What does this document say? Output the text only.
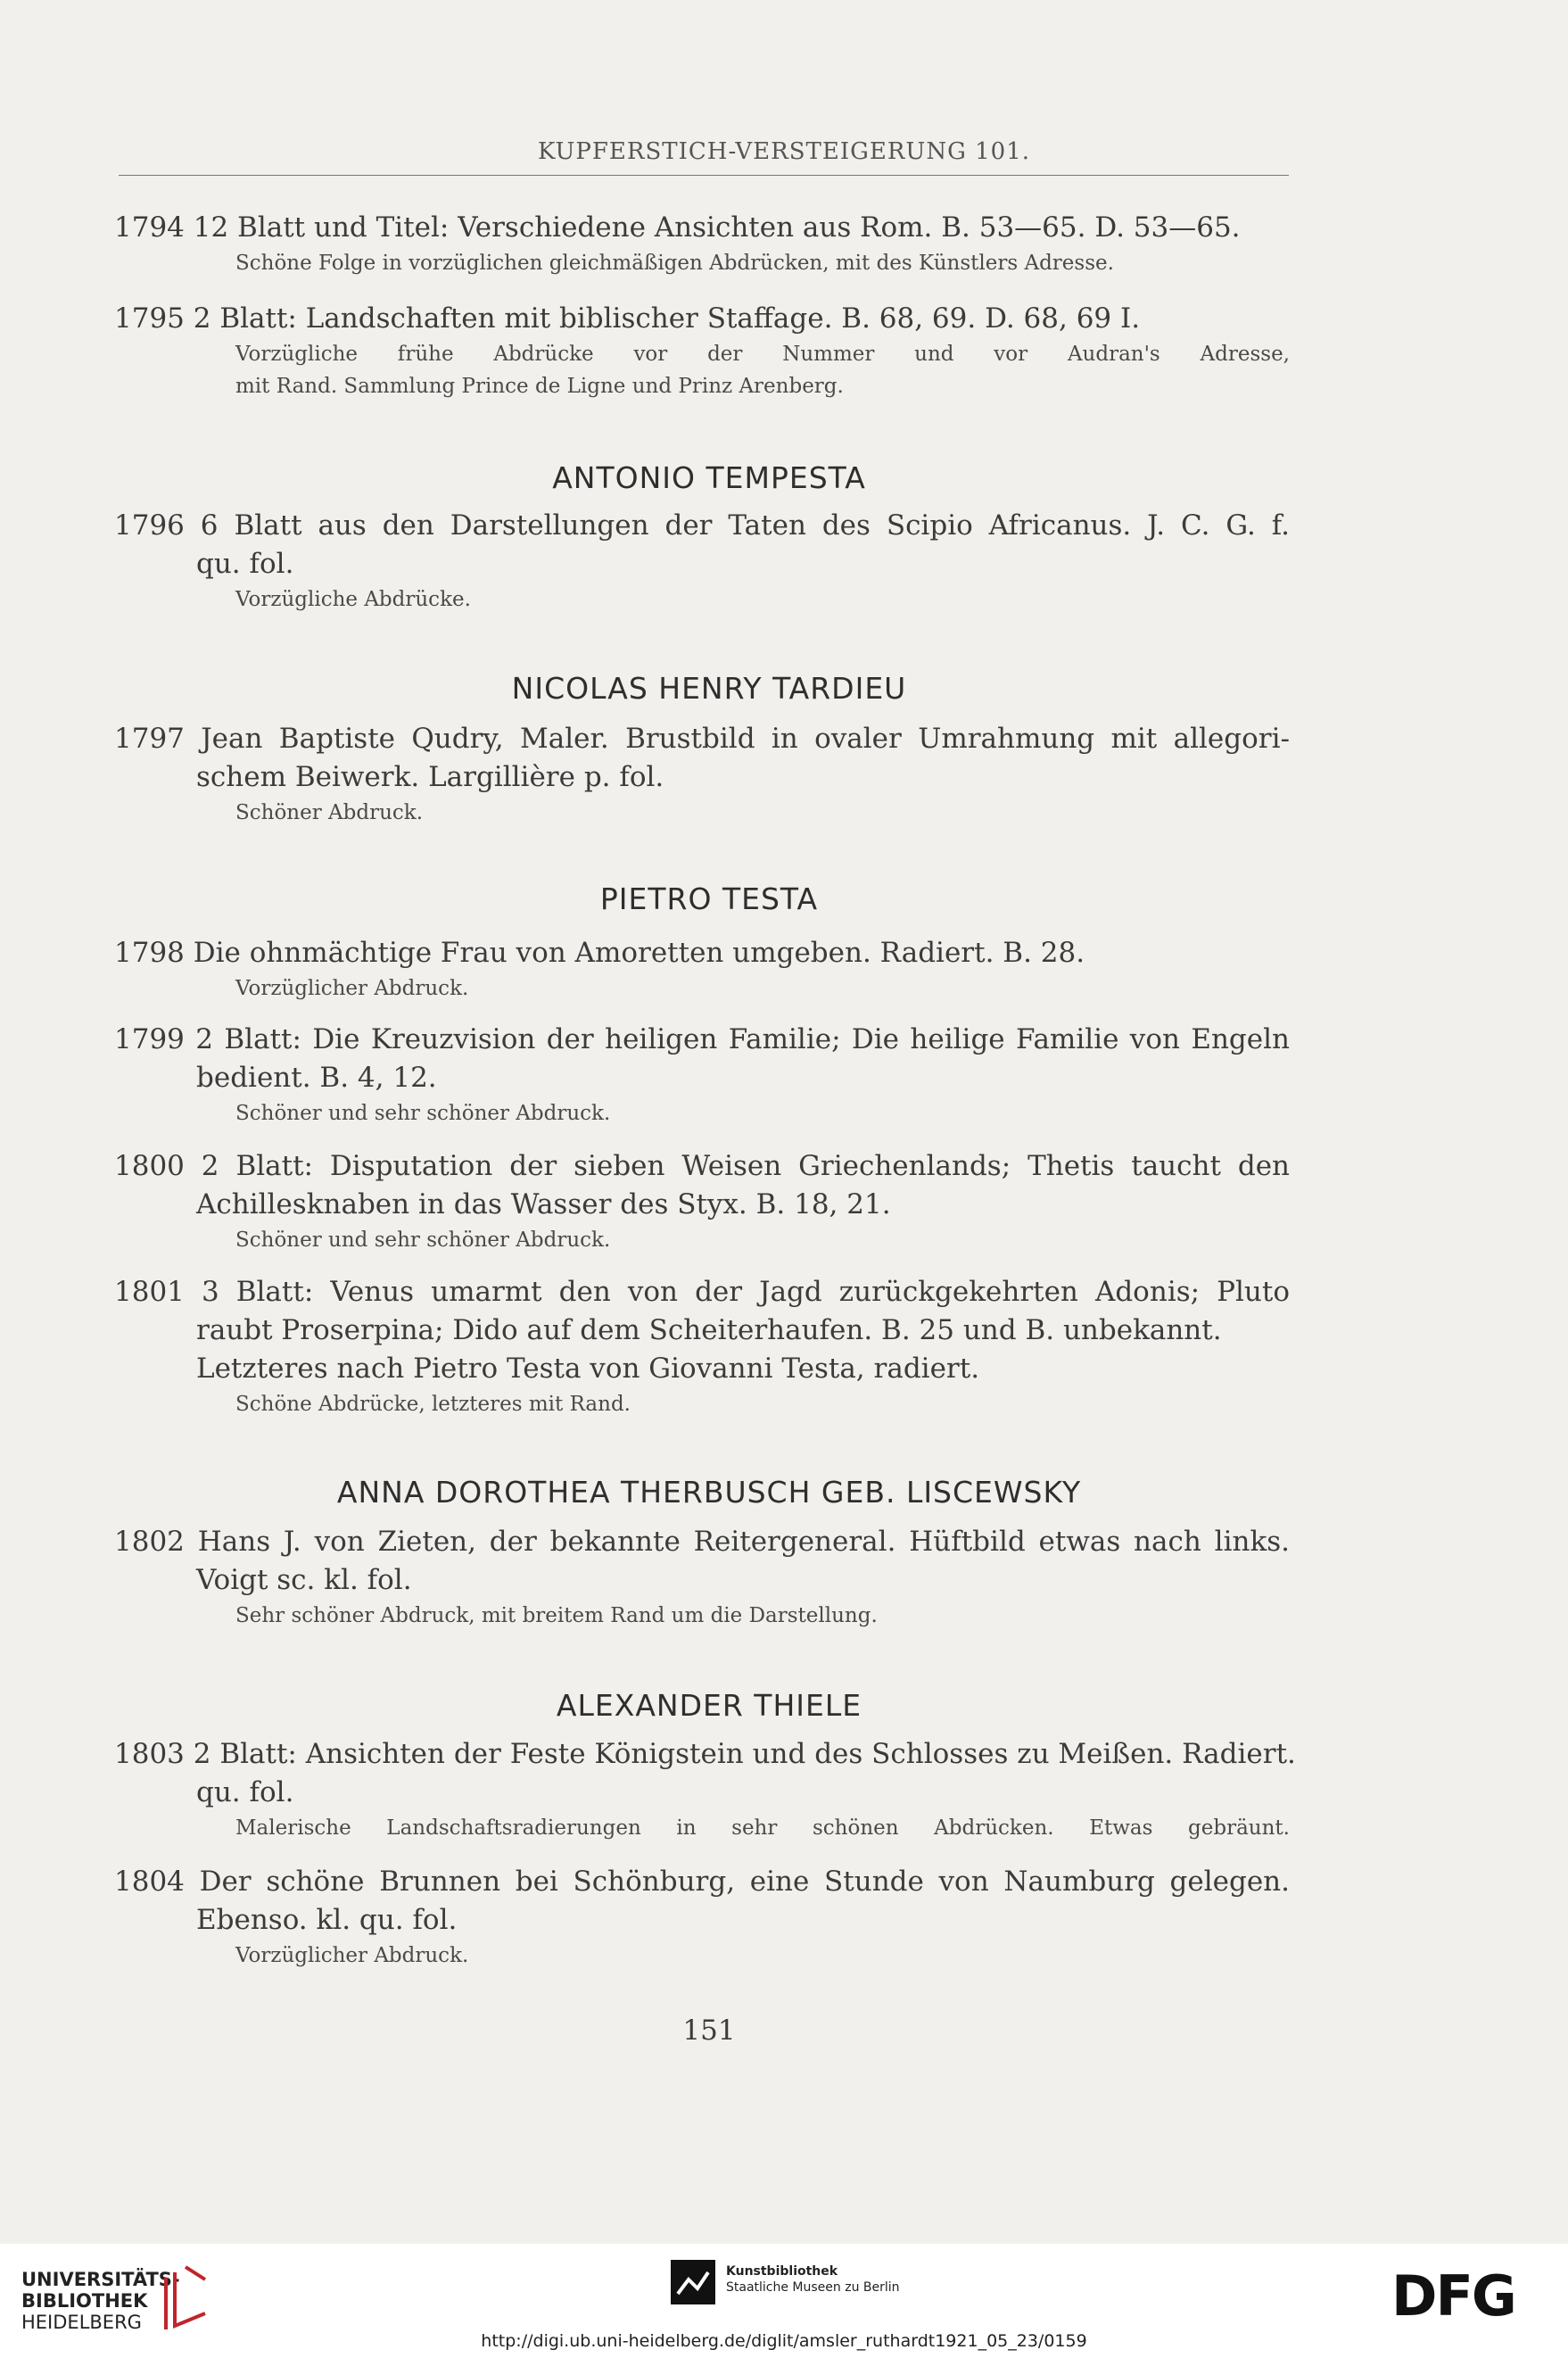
KUPFERSTICH-VERSTEIGERUNG 101.
ANTONIO TEMPESTA
NICOLAS HENRY TARDIEU
PIETRO TESTA
ANNA DOROTHEA THERBUSCH GEB. LISCEWSKY
ALEXANDER THIELE
1794 12 Blatt und Titel: Verschiedene Ansichten aus Rom. B. 53—65. D. 53—65.
Schöne Folge in vorzüglichen gleichmäßigen Abdrücken, mit des Künstlers Adresse.
1795 2 Blatt: Landschaften mit biblischer Staffage. B. 68, 69. D. 68, 69 I.
Vorzügliche frühe Abdrücke vor der Nummer und vor Audran's Adresse,
mit Rand. Sammlung Prince de Ligne und Prinz Arenberg.
1796 6 Blatt aus den Darstellungen der Taten des Scipio Africanus. J. C. G. f.
qu. fol.
Vorzügliche Abdrücke.
1797 Jean Baptiste Qudry, Maler. Brustbild in ovaler Umrahmung mit allegori-
schem Beiwerk. Largillière p. fol.
Schöner Abdruck.
1798 Die ohnmächtige Frau von Amoretten umgeben. Radiert. B. 28.
Vorzüglicher Abdruck.
1799 2 Blatt: Die Kreuzvision der heiligen Familie; Die heilige Familie von Engeln
bedient. B. 4, 12.
Schöner und sehr schöner Abdruck.
1800 2 Blatt: Disputation der sieben Weisen Griechenlands; Thetis taucht den
Achillesknaben in das Wasser des Styx. B. 18, 21.
Schöner und sehr schöner Abdruck.
1801 3 Blatt: Venus umarmt den von der Jagd zurückgekehrten Adonis; Pluto
raubt Proserpina; Dido auf dem Scheiterhaufen. B. 25 und B. unbekannt.
Letzteres nach Pietro Testa von Giovanni Testa, radiert.
Schöne Abdrücke, letzteres mit Rand.
1802 Hans J. von Zieten, der bekannte Reitergeneral. Hüftbild etwas nach links.
Voigt sc. kl. fol.
Sehr schöner Abdruck, mit breitem Rand um die Darstellung.
1803 2 Blatt: Ansichten der Feste Königstein und des Schlosses zu Meißen. Radiert.
qu. fol.
Malerische Landschaftsradierungen in sehr schönen Abdrücken. Etwas gebräunt.
1804 Der schöne Brunnen bei Schönburg, eine Stunde von Naumburg gelegen.
Ebenso. kl. qu. fol.
Vorzüglicher Abdruck.
151
UNIVERSITÄTS-
BIBLIOTHEK
HEIDELBERG
Kunstbibliothek
Staatliche Museen zu Berlin	DFG
http://digi.ub.uni-heidelberg.de/diglit/amsler_ruthardt1921_05_23/0159
